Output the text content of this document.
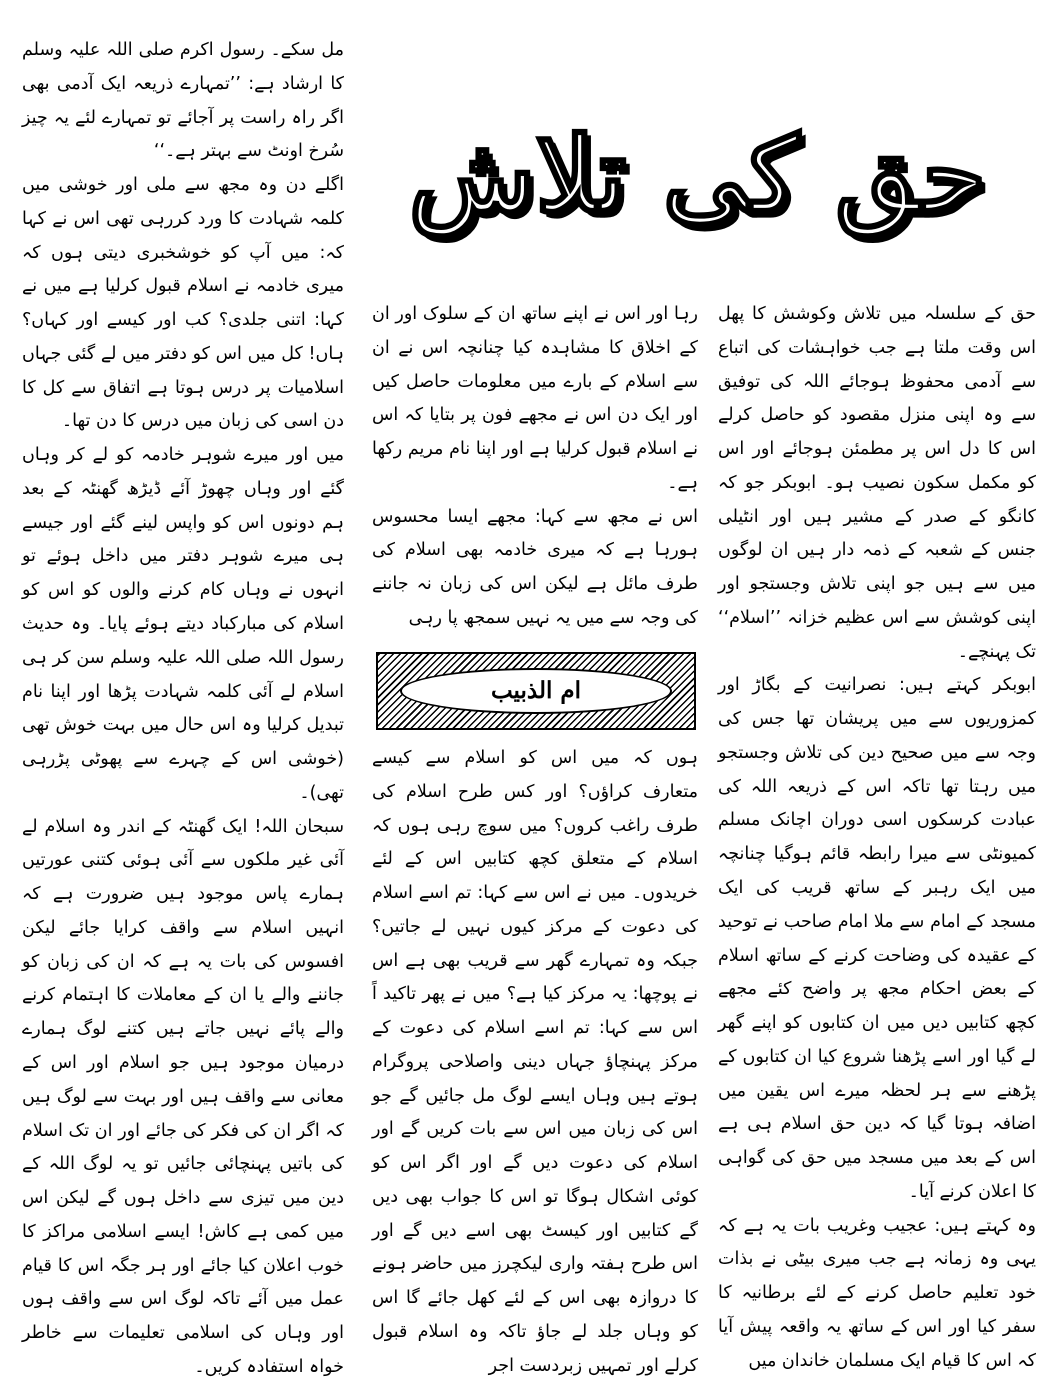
حق کی تلاش
ام الذبیب

حق کے سلسلہ میں تلاش وکوشش کا پھل اس وقت ملتا ہے جب خواہشات کی اتباع سے آدمی محفوظ ہوجائے اللہ کی توفیق سے وہ اپنی منزل مقصود کو حاصل کرلے اس کا دل اس پر مطمئن ہوجائے اور اس کو مکمل سکون نصیب ہو۔ ابوبکر جو کہ کانگو کے صدر کے مشیر ہیں اور انٹیلی جنس کے شعبہ کے ذمہ دار ہیں ان لوگوں میں سے ہیں جو اپنی تلاش وجستجو اور اپنی کوشش سے اس عظیم خزانہ ’’اسلام‘‘ تک پہنچے۔

ابوبکر کہتے ہیں: نصرانیت کے بگاڑ اور کمزوریوں سے میں پریشان تھا جس کی وجہ سے میں صحیح دین کی تلاش وجستجو میں رہتا تھا تاکہ اس کے ذریعہ اللہ کی عبادت کرسکوں اسی دوران اچانک مسلم کمیونٹی سے میرا رابطہ قائم ہوگیا چنانچہ میں ایک رہبر کے ساتھ قریب کی ایک مسجد کے امام سے ملا امام صاحب نے توحید کے عقیدہ کی وضاحت کرنے کے ساتھ اسلام کے بعض احکام مجھ پر واضح کئے مجھے کچھ کتابیں دیں میں ان کتابوں کو اپنے گھر لے گیا اور اسے پڑھنا شروع کیا ان کتابوں کے پڑھنے سے ہر لحظہ میرے اس یقین میں اضافہ ہوتا گیا کہ دین حق اسلام ہی ہے اس کے بعد میں مسجد میں حق کی گواہی کا اعلان کرنے آیا۔

وہ کہتے ہیں: عجیب وغریب بات یہ ہے کہ یہی وہ زمانہ ہے جب میری بیٹی نے بذات خود تعلیم حاصل کرنے کے لئے برطانیہ کا سفر کیا اور اس کے ساتھ یہ واقعہ پیش آیا کہ اس کا قیام ایک مسلمان خاندان میں

رہا اور اس نے اپنے ساتھ ان کے سلوک اور ان کے اخلاق کا مشاہدہ کیا چنانچہ اس نے ان سے اسلام کے بارے میں معلومات حاصل کیں اور ایک دن اس نے مجھے فون پر بتایا کہ اس نے اسلام قبول کرلیا ہے اور اپنا نام مریم رکھا ہے۔

اس نے مجھ سے کہا: مجھے ایسا محسوس ہورہا ہے کہ میری خادمہ بھی اسلام کی طرف مائل ہے لیکن اس کی زبان نہ جاننے کی وجہ سے میں یہ نہیں سمجھ پا رہی

ہوں کہ میں اس کو اسلام سے کیسے متعارف کراؤں؟ اور کس طرح اسلام کی طرف راغب کروں؟ میں سوچ رہی ہوں کہ اسلام کے متعلق کچھ کتابیں اس کے لئے خریدوں۔ میں نے اس سے کہا: تم اسے اسلام کی دعوت کے مرکز کیوں نہیں لے جاتیں؟ جبکہ وہ تمہارے گھر سے قریب بھی ہے اس نے پوچھا: یہ مرکز کیا ہے؟ میں نے پھر تاکید اً اس سے کہا: تم اسے اسلام کی دعوت کے مرکز پہنچاؤ جہاں دینی واصلاحی پروگرام ہوتے ہیں وہاں ایسے لوگ مل جائیں گے جو اس کی زبان میں اس سے بات کریں گے اور اسلام کی دعوت دیں گے اور اگر اس کو کوئی اشکال ہوگا تو اس کا جواب بھی دیں گے کتابیں اور کیسٹ بھی اسے دیں گے اور اس طرح ہفتہ واری لیکچرز میں حاضر ہونے کا دروازہ بھی اس کے لئے کھل جائے گا اس کو وہاں جلد لے جاؤ تاکہ وہ اسلام قبول کرلے اور تمہیں زبردست اجر

مل سکے۔ رسول اکرم صلی اللہ علیہ وسلم کا ارشاد ہے: ’’تمہارے ذریعہ ایک آدمی بھی اگر راہ راست پر آجائے تو تمہارے لئے یہ چیز سُرخ اونٹ سے بہتر ہے۔‘‘

اگلے دن وہ مجھ سے ملی اور خوشی میں کلمہ شہادت کا ورد کررہی تھی اس نے کہا کہ: میں آپ کو خوشخبری دیتی ہوں کہ میری خادمہ نے اسلام قبول کرلیا ہے میں نے کہا: اتنی جلدی؟ کب اور کیسے اور کہاں؟ ہاں! کل میں اس کو دفتر میں لے گئی جہاں اسلامیات پر درس ہوتا ہے اتفاق سے کل کا دن اسی کی زبان میں درس کا دن تھا۔

میں اور میرے شوہر خادمہ کو لے کر وہاں گئے اور وہاں چھوڑ آئے ڈیڑھ گھنٹہ کے بعد ہم دونوں اس کو واپس لینے گئے اور جیسے ہی میرے شوہر دفتر میں داخل ہوئے تو انہوں نے وہاں کام کرنے والوں کو اس کو اسلام کی مبارکباد دیتے ہوئے پایا۔ وہ حدیث رسول اللہ صلی اللہ علیہ وسلم سن کر ہی اسلام لے آئی کلمہ شہادت پڑھا اور اپنا نام تبدیل کرلیا وہ اس حال میں بہت خوش تھی (خوشی اس کے چہرے سے پھوٹی پڑرہی تھی)۔

سبحان اللہ! ایک گھنٹہ کے اندر وہ اسلام لے آئی غیر ملکوں سے آئی ہوئی کتنی عورتیں ہمارے پاس موجود ہیں ضرورت ہے کہ انہیں اسلام سے واقف کرایا جائے لیکن افسوس کی بات یہ ہے کہ ان کی زبان کو جاننے والے یا ان کے معاملات کا اہتمام کرنے والے پائے نہیں جاتے ہیں کتنے لوگ ہمارے درمیان موجود ہیں جو اسلام اور اس کے معانی سے واقف ہیں اور بہت سے لوگ ہیں کہ اگر ان کی فکر کی جائے اور ان تک اسلام کی باتیں پہنچائی جائیں تو یہ لوگ اللہ کے دین میں تیزی سے داخل ہوں گے لیکن اس میں کمی ہے کاش! ایسے اسلامی مراکز کا خوب اعلان کیا جائے اور ہر جگہ اس کا قیام عمل میں آئے تاکہ لوگ اس سے واقف ہوں اور وہاں کی اسلامی تعلیمات سے خاطر خواہ استفادہ کریں۔
